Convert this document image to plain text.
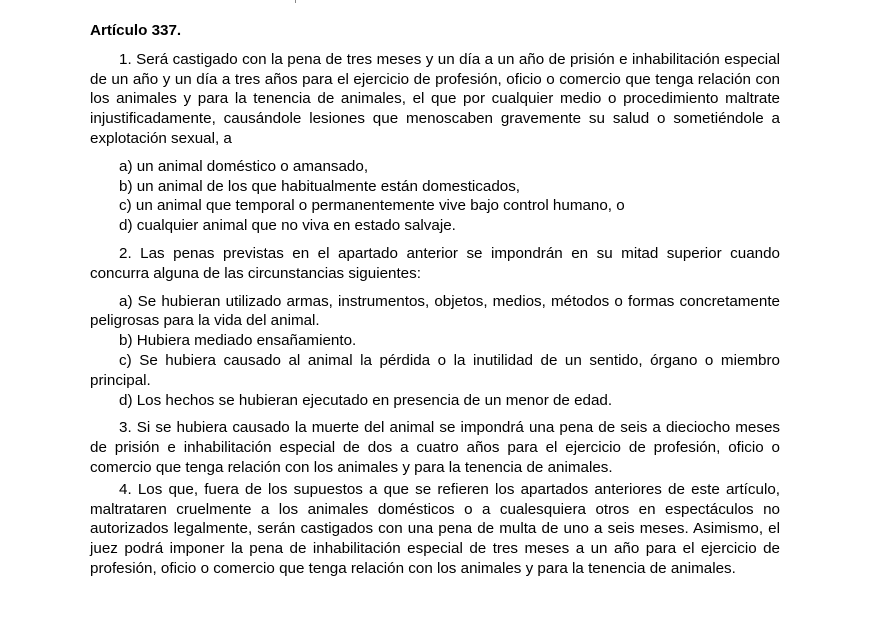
Artículo 337.

1. Será castigado con la pena de tres meses y un día a un año de prisión e inhabilitación especial de un año y un día a tres años para el ejercicio de profesión, oficio o comercio que tenga relación con los animales y para la tenencia de animales, el que por cualquier medio o procedimiento maltrate injustificadamente, causándole lesiones que menoscaben gravemente su salud o sometiéndole a explotación sexual, a

a) un animal doméstico o amansado,

b) un animal de los que habitualmente están domesticados,

c) un animal que temporal o permanentemente vive bajo control humano, o

d) cualquier animal que no viva en estado salvaje.

2. Las penas previstas en el apartado anterior se impondrán en su mitad superior cuando concurra alguna de las circunstancias siguientes:

a) Se hubieran utilizado armas, instrumentos, objetos, medios, métodos o formas concretamente peligrosas para la vida del animal.

b) Hubiera mediado ensañamiento.

c) Se hubiera causado al animal la pérdida o la inutilidad de un sentido, órgano o miembro principal.

d) Los hechos se hubieran ejecutado en presencia de un menor de edad.

3. Si se hubiera causado la muerte del animal se impondrá una pena de seis a dieciocho meses de prisión e inhabilitación especial de dos a cuatro años para el ejercicio de profesión, oficio o comercio que tenga relación con los animales y para la tenencia de animales.

4. Los que, fuera de los supuestos a que se refieren los apartados anteriores de este artículo, maltrataren cruelmente a los animales domésticos o a cualesquiera otros en espectáculos no autorizados legalmente, serán castigados con una pena de multa de uno a seis meses. Asimismo, el juez podrá imponer la pena de inhabilitación especial de tres meses a un año para el ejercicio de profesión, oficio o comercio que tenga relación con los animales y para la tenencia de animales.
